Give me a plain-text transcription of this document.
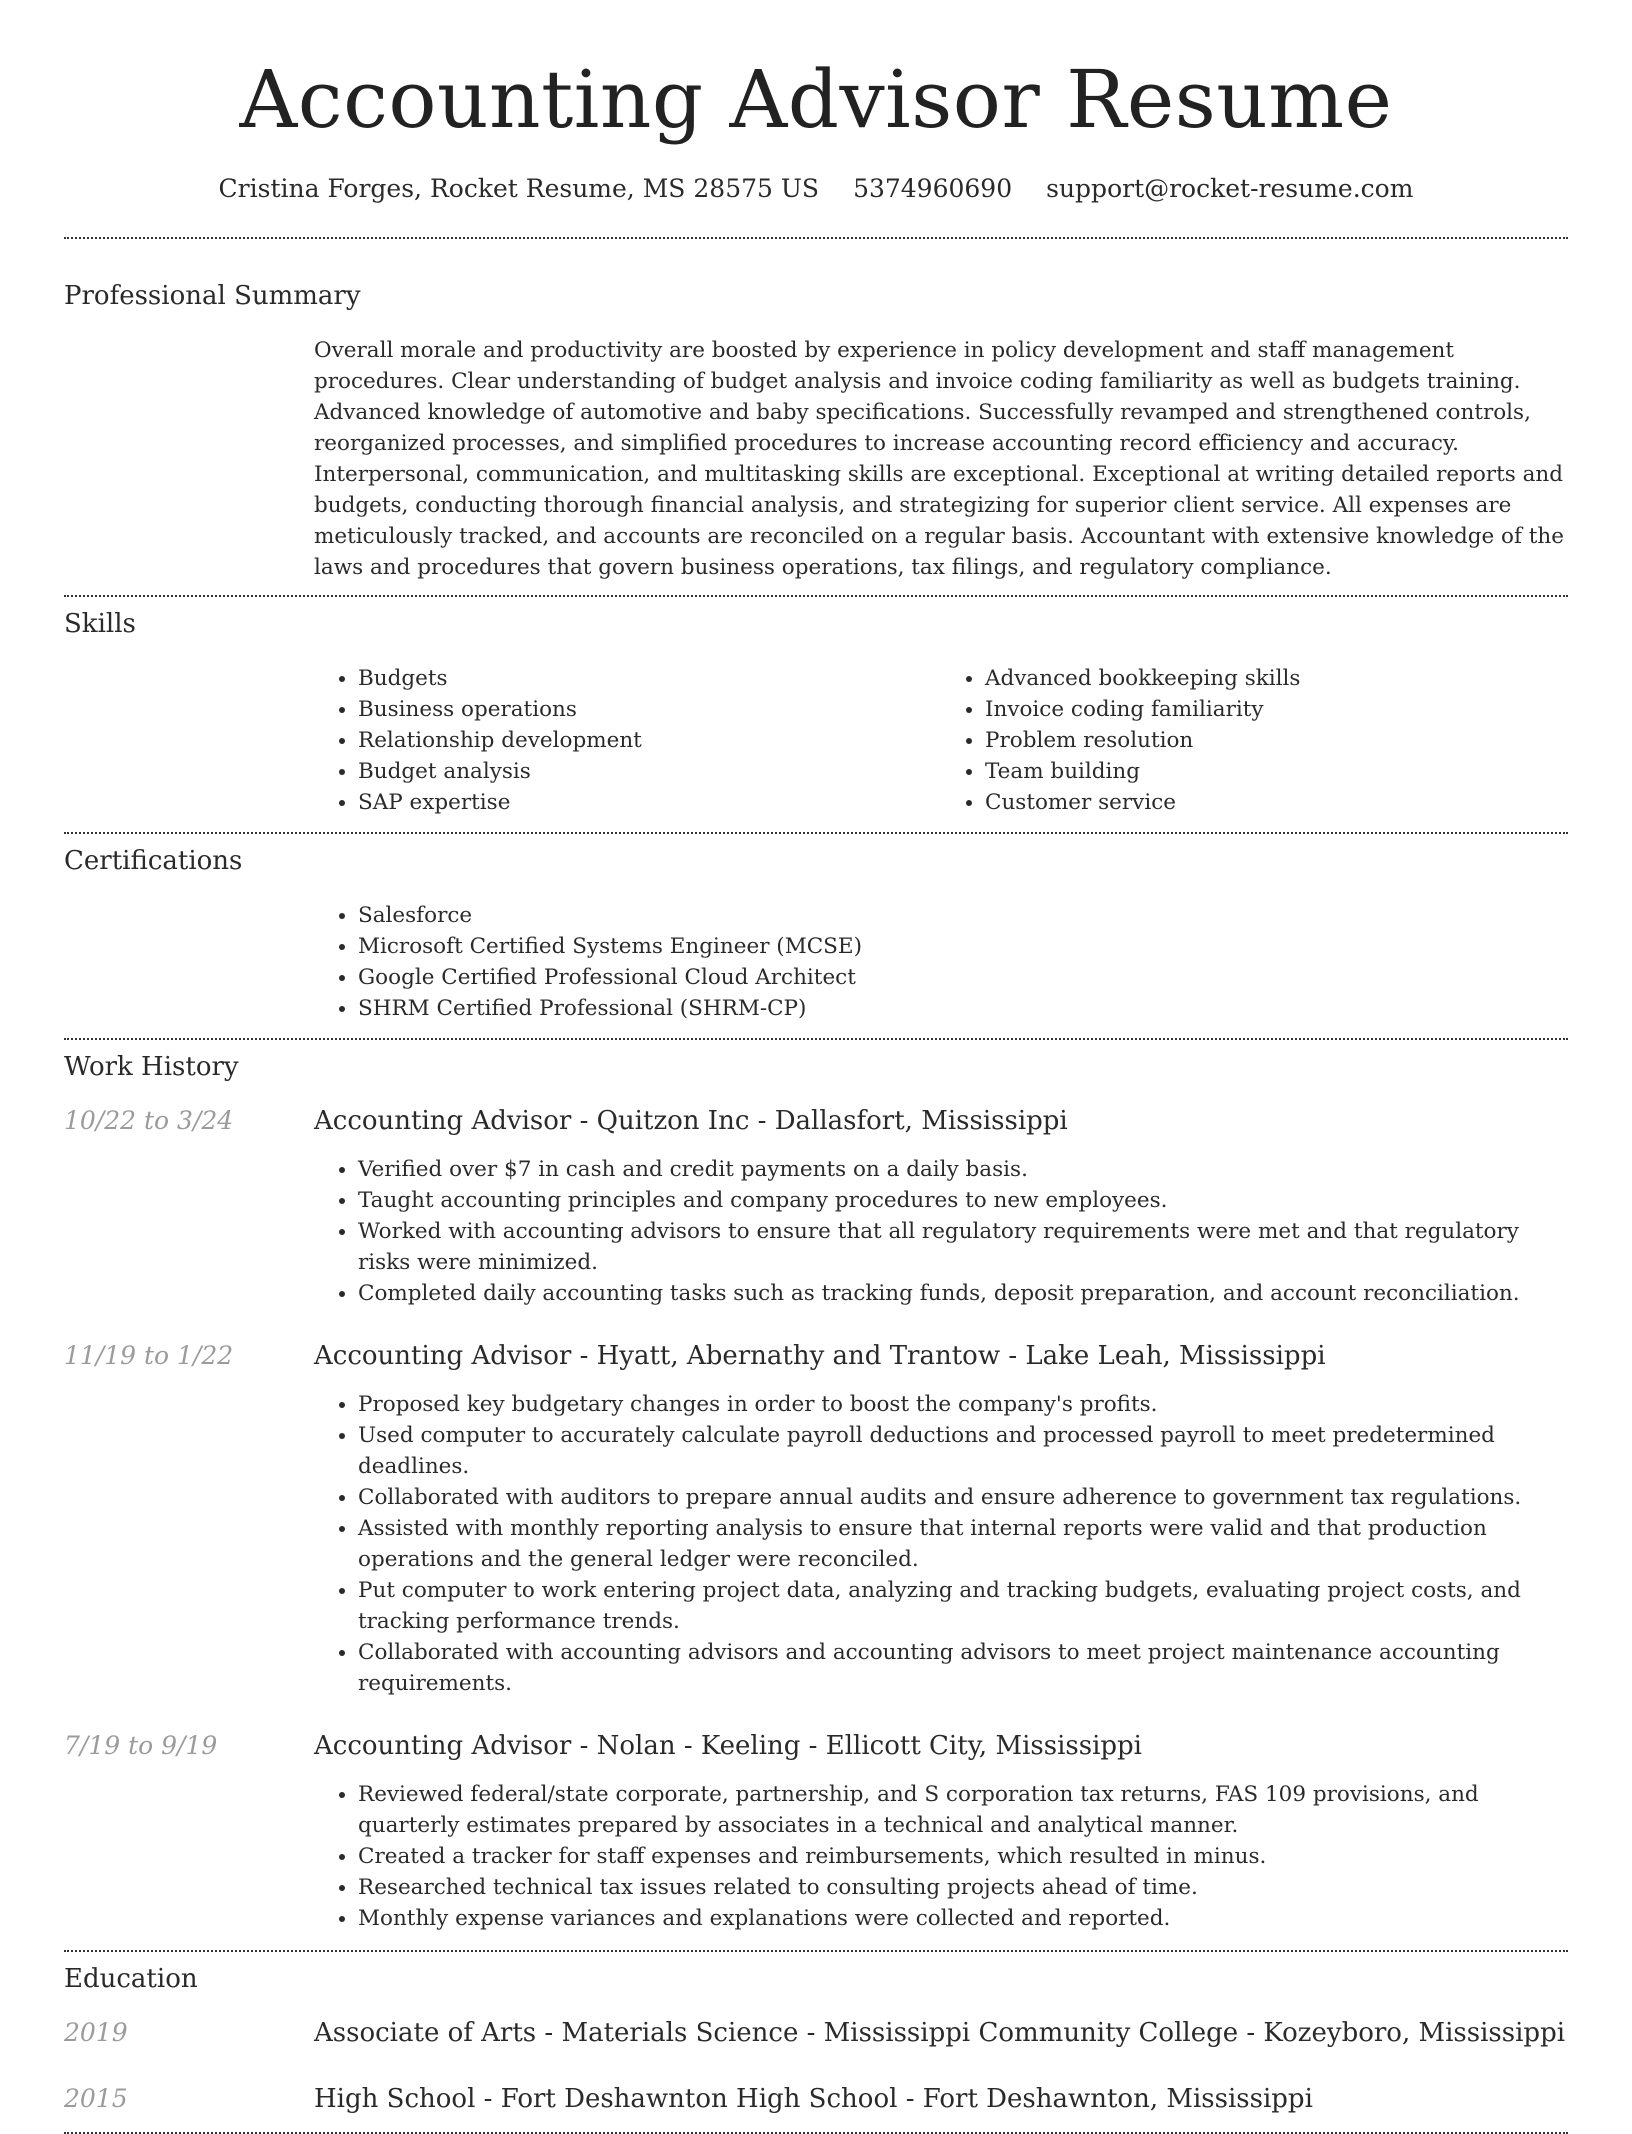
Accounting Advisor Resume
Cristina Forges, Rocket Resume, MS 28575 US 5374960690 support@rocket-resume.com
Professional Summary
Overall morale and productivity are boosted by experience in policy development and staff management procedures. Clear understanding of budget analysis and invoice coding familiarity as well as budgets training. Advanced knowledge of automotive and baby specifications. Successfully revamped and strengthened controls, reorganized processes, and simplified procedures to increase accounting record efficiency and accuracy. Interpersonal, communication, and multitasking skills are exceptional. Exceptional at writing detailed reports and budgets, conducting thorough financial analysis, and strategizing for superior client service. All expenses are meticulously tracked, and accounts are reconciled on a regular basis. Accountant with extensive knowledge of the laws and procedures that govern business operations, tax filings, and regulatory compliance.
Skills
• Budgets
• Business operations
• Relationship development
• Budget analysis
• SAP expertise
• Advanced bookkeeping skills
• Invoice coding familiarity
• Problem resolution
• Team building
• Customer service
Certifications
• Salesforce
• Microsoft Certified Systems Engineer (MCSE)
• Google Certified Professional Cloud Architect
• SHRM Certified Professional (SHRM-CP)
Work History
10/22 to 3/24	Accounting Advisor - Quitzon Inc - Dallasfort, Mississippi
• Verified over $7 in cash and credit payments on a daily basis.
• Taught accounting principles and company procedures to new employees.
• Worked with accounting advisors to ensure that all regulatory requirements were met and that regulatory risks were minimized.
• Completed daily accounting tasks such as tracking funds, deposit preparation, and account reconciliation.
11/19 to 1/22	Accounting Advisor - Hyatt, Abernathy and Trantow - Lake Leah, Mississippi
• Proposed key budgetary changes in order to boost the company's profits.
• Used computer to accurately calculate payroll deductions and processed payroll to meet predetermined deadlines.
• Collaborated with auditors to prepare annual audits and ensure adherence to government tax regulations.
• Assisted with monthly reporting analysis to ensure that internal reports were valid and that production operations and the general ledger were reconciled.
• Put computer to work entering project data, analyzing and tracking budgets, evaluating project costs, and tracking performance trends.
• Collaborated with accounting advisors and accounting advisors to meet project maintenance accounting requirements.
7/19 to 9/19	Accounting Advisor - Nolan - Keeling - Ellicott City, Mississippi
• Reviewed federal/state corporate, partnership, and S corporation tax returns, FAS 109 provisions, and quarterly estimates prepared by associates in a technical and analytical manner.
• Created a tracker for staff expenses and reimbursements, which resulted in minus.
• Researched technical tax issues related to consulting projects ahead of time.
• Monthly expense variances and explanations were collected and reported.
Education
2019	Associate of Arts - Materials Science - Mississippi Community College - Kozeyboro, Mississippi
2015	High School - Fort Deshawnton High School - Fort Deshawnton, Mississippi
